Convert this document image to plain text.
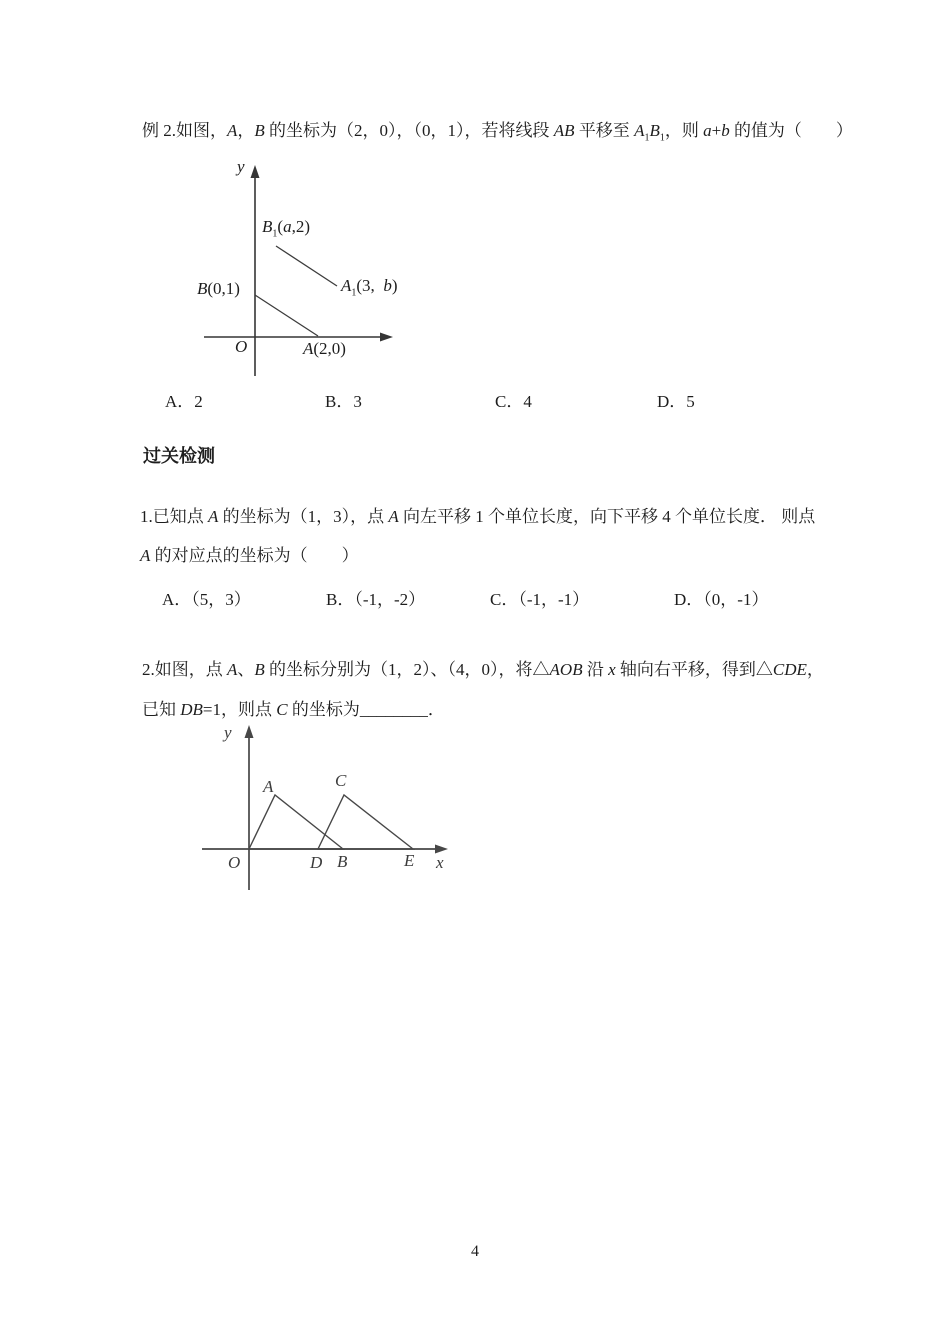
例 2.如图，A，B 的坐标为（2，0），（0，1），若将线段 AB 平移至 $A_1B_1$，则 a+b 的值为（　　）
y
$B_1(a,2)$
$A_1(3$,  b)
B(0,1)
O	A(2,0)
A．2	B．3	C．4	D．5
过关检测
1.已知点 A 的坐标为（1，3），点 A 向左平移 1 个单位长度，向下平移 4 个单位长度． 则点
A 的对应点的坐标为（　　）
A．（5，3）	B．（-1，-2）	C．（-1，-1）	D．（0，-1）
2.如图，点 A、B 的坐标分别为（1，2）、（4，0），将△AOB 沿 x 轴向右平移，得到△CDE，
已知 DB=1，则点 C 的坐标为________．
y
O
A	C
D B	E x
4
